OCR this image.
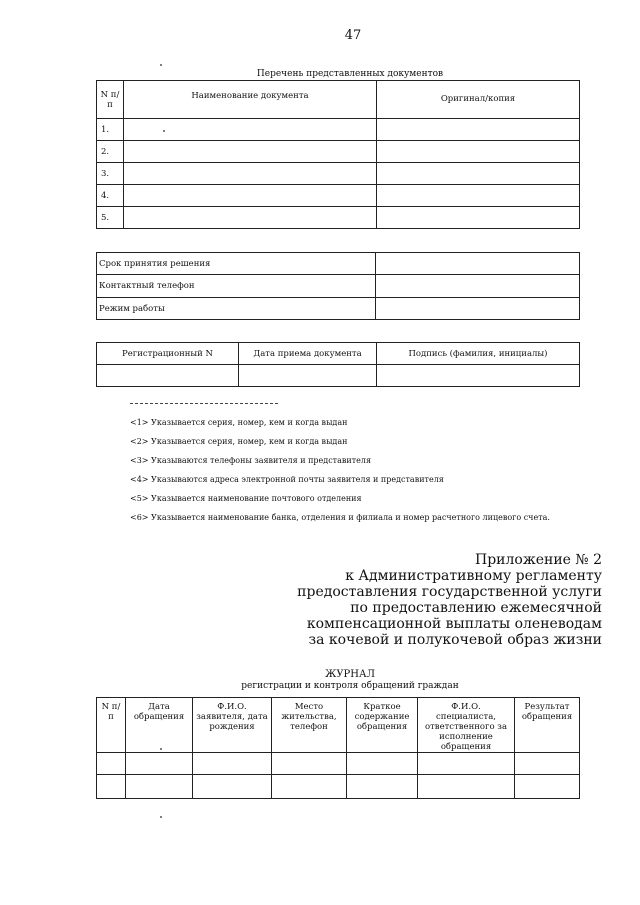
47
Перечень представленных документов
N п/п	Наименование документа	Оригинал/копия
1.		
2.		
3.		
4.		
5.		
Срок принятия решения	
Контактный телефон	
Режим работы	
Регистрационный N	Дата приема документа	Подпись (фамилия, инициалы)

<1> Указывается серия, номер, кем и когда выдан
<2> Указывается серия, номер, кем и когда выдан
<3> Указываются телефоны заявителя и представителя
<4> Указываются адреса электронной почты заявителя и представителя
<5> Указывается наименование почтового отделения
<6> Указывается наименование банка, отделения и филиала и номер расчетного лицевого счета.
Приложение № 2
к Административному регламенту
предоставления государственной услуги
по предоставлению ежемесячной
компенсационной выплаты оленеводам
за кочевой и полукочевой образ жизни
ЖУРНАЛ
регистрации и контроля обращений граждан
N п/п	Дата обращения	Ф.И.О. заявителя, дата рождения	Место жительства, телефон	Краткое содержание обращения	Ф.И.О. специалиста, ответственного за исполнение обращения	Результат обращения
